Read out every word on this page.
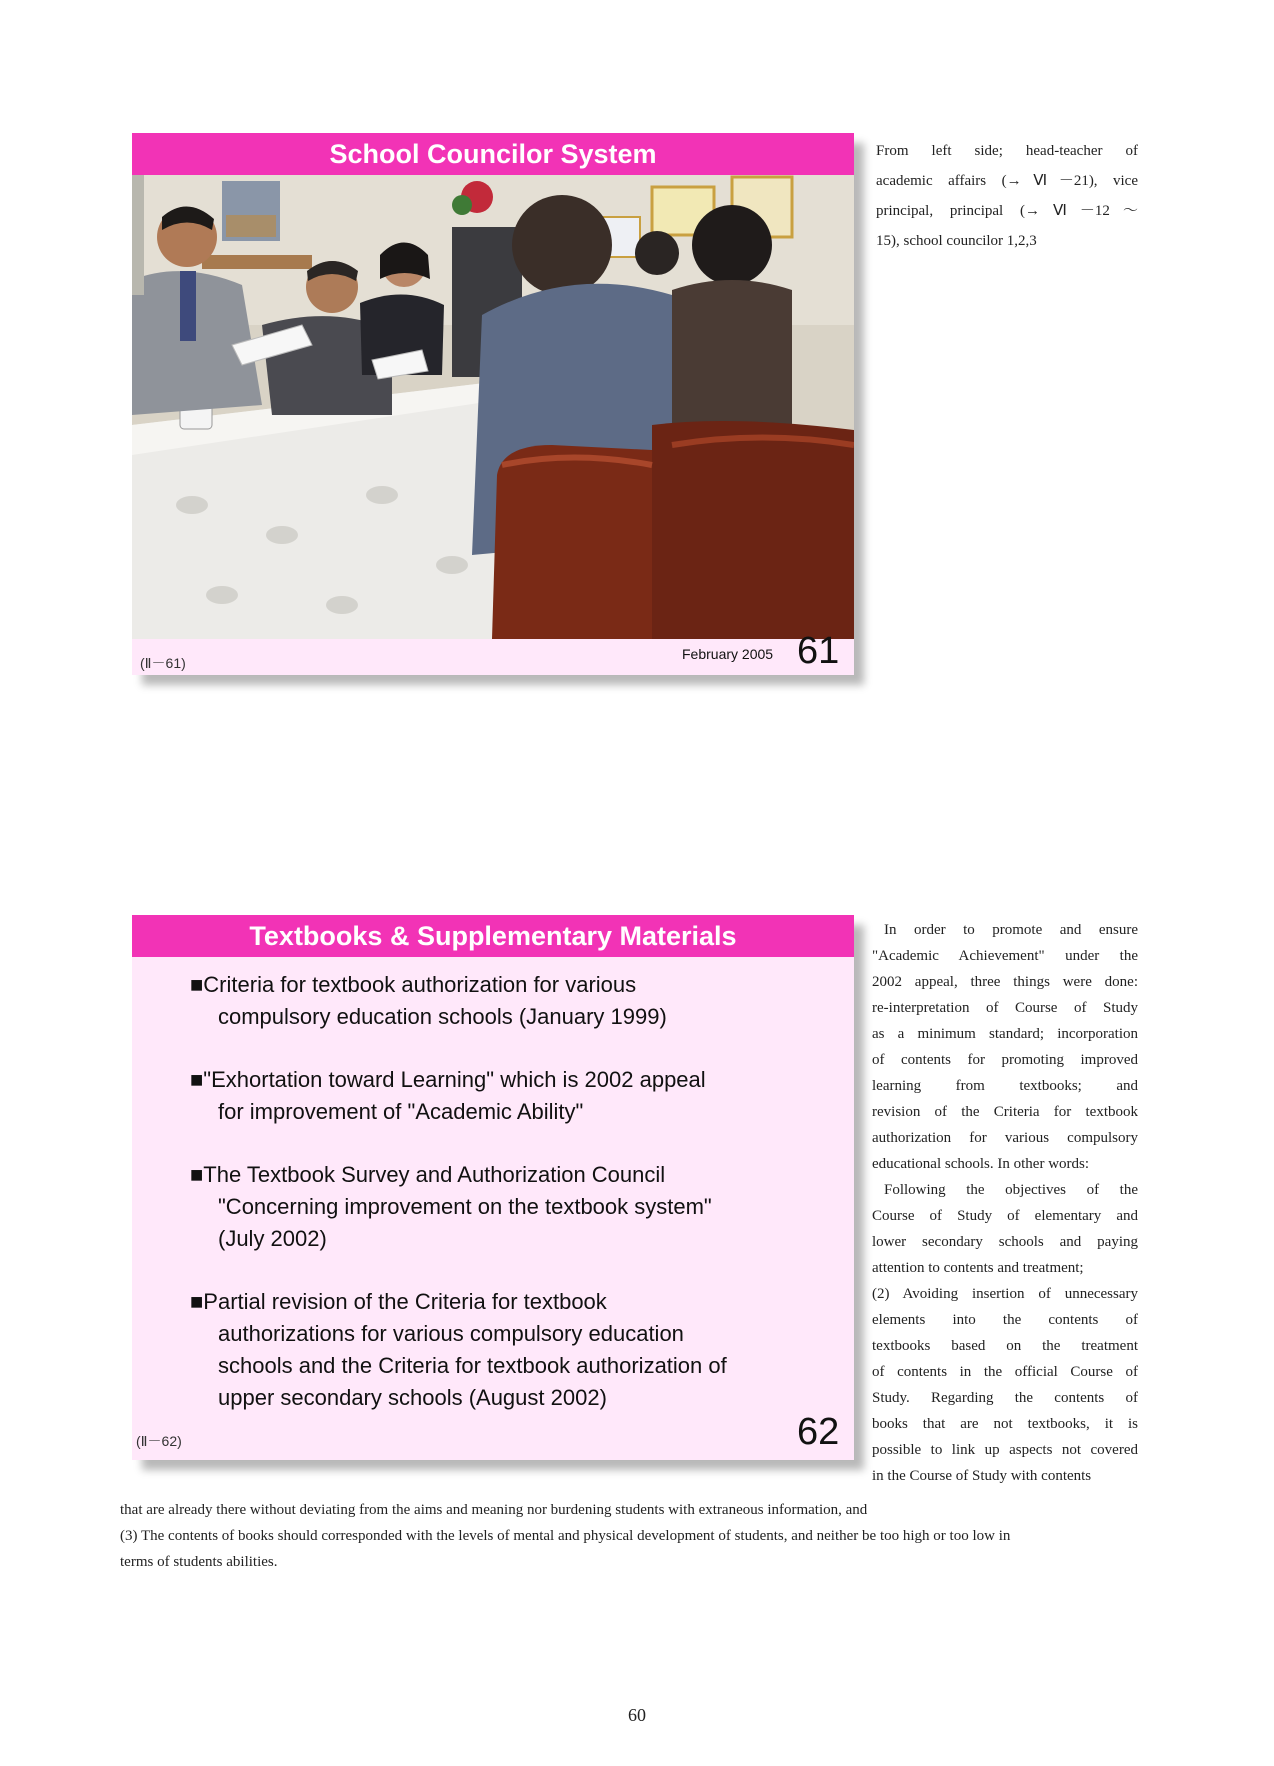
School Councilor System
(Ⅱ－61)
February 2005 61
From left side; head-teacher of
academic affairs (→Ⅵ－21), vice
principal, principal (→Ⅵ－12～
15), school councilor 1,2,3
Textbooks & Supplementary Materials
■Criteria for textbook authorization for various
compulsory education schools (January 1999)
■"Exhortation toward Learning" which is 2002 appeal
for improvement of "Academic Ability"
■The Textbook Survey and Authorization Council
"Concerning improvement on the textbook system"
(July 2002)
■Partial revision of the Criteria for textbook
authorizations for various compulsory education
schools and the Criteria for textbook authorization of
upper secondary schools (August 2002)
(Ⅱ－62)	62
In order to promote and ensure
"Academic Achievement" under the
2002 appeal, three things were done:
re-interpretation of Course of Study
as a minimum standard; incorporation
of contents for promoting improved
learning from textbooks; and
revision of the Criteria for textbook
authorization for various compulsory
educational schools. In other words:
Following the objectives of the
Course of Study of elementary and
lower secondary schools and paying
attention to contents and treatment;
(2) Avoiding insertion of unnecessary
elements into the contents of
textbooks based on the treatment
of contents in the official Course of
Study. Regarding the contents of
books that are not textbooks, it is
possible to link up aspects not covered
in the Course of Study with contents
that are already there without deviating from the aims and meaning nor burdening students with extraneous information, and
(3) The contents of books should corresponded with the levels of mental and physical development of students, and neither be too high or too low in
terms of students abilities.
60
